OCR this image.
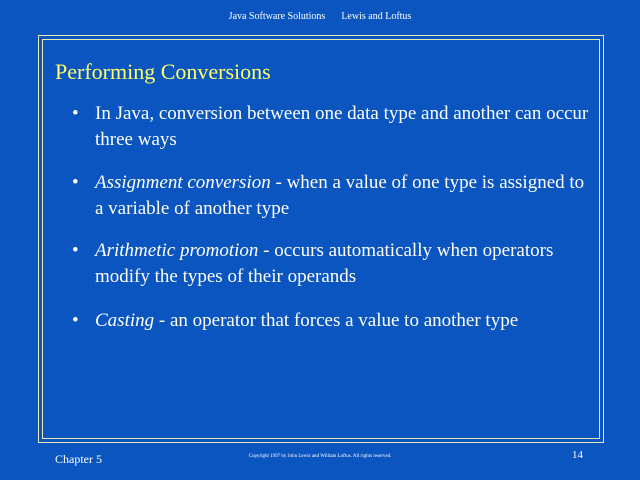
Java Software Solutions Lewis and Loftus
Performing Conversions
• In Java, conversion between one data type and another can occur three ways
• Assignment conversion - when a value of one type is assigned to a variable of another type
• Arithmetic promotion - occurs automatically when operators modify the types of their operands
• Casting - an operator that forces a value to another type
Chapter 5	Copyright 1997 by John Lewis and William Loftus. All rights reserved.	14
